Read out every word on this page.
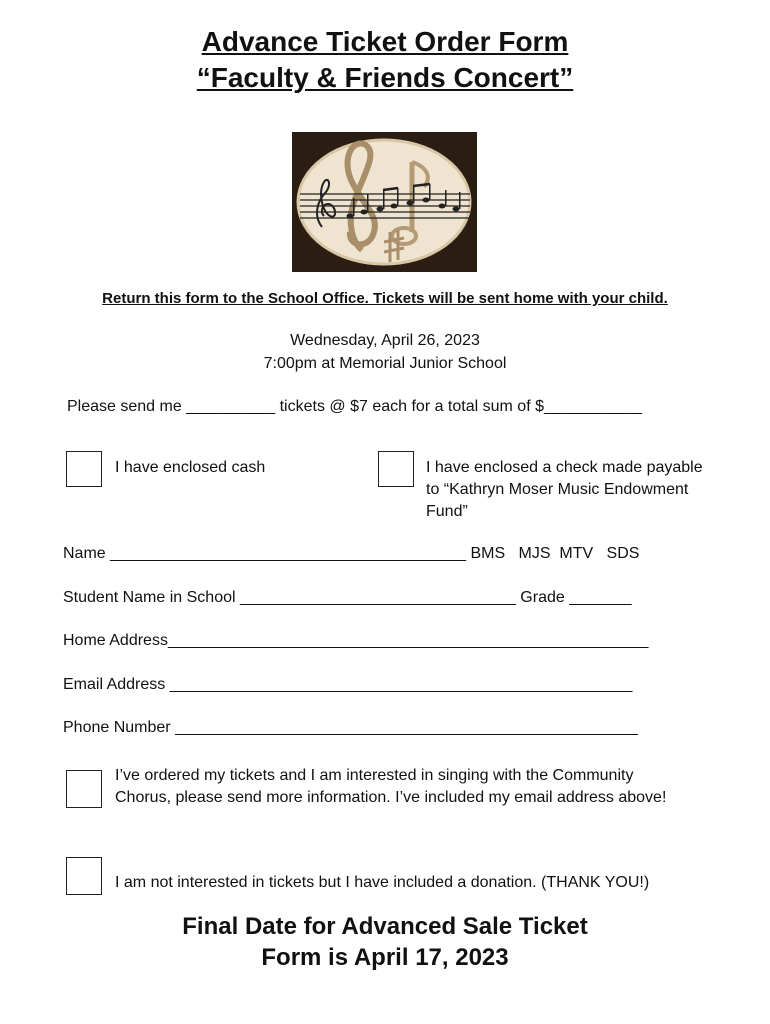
Advance Ticket Order Form
“Faculty & Friends Concert”
Return this form to the School Office. Tickets will be sent home with your child.
Wednesday, April 26, 2023
7:00pm at Memorial Junior School
Please send me __________ tickets @ $7 each for a total sum of $___________
I have enclosed cash	I have enclosed a check made payable to “Kathryn Moser Music Endowment Fund”
Name ________________________________________ BMS   MJS  MTV   SDS
Student Name in School _______________________________ Grade _______
Home Address______________________________________________________
Email Address ____________________________________________________
Phone Number ____________________________________________________
I’ve ordered my tickets and I am interested in singing with the Community Chorus, please send more information. I’ve included my email address above!
I am not interested in tickets but I have included a donation. (THANK YOU!)
Final Date for Advanced Sale Ticket
Form is April 17, 2023
